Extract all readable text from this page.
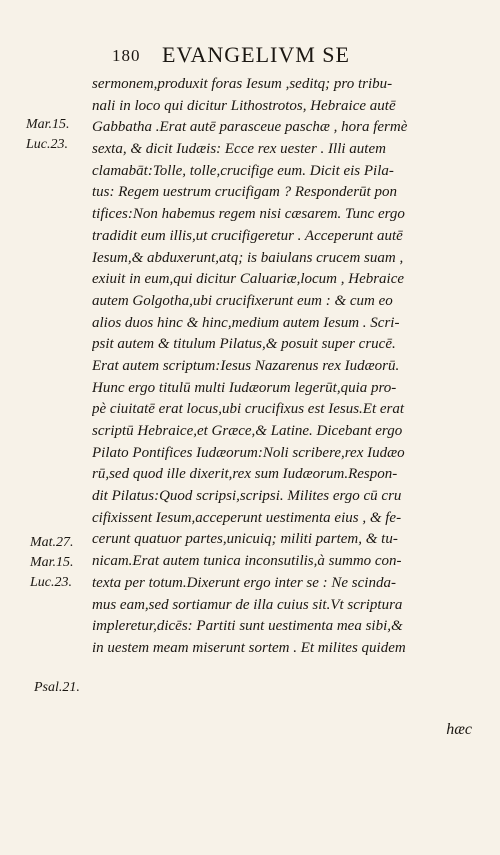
180 EVANGELIVM SE
Mar.15.
Luc.23.
Mat.27.
Mar.15.
Luc.23.
Psal.21.
sermonem,produxit foras Iesum ,seditq; pro tribu-
nali in loco qui dicitur Lithostrotos, Hebraice autē
Gabbatha .Erat autē parasceue paschæ , hora fermè
sexta, & dicit Iudæis: Ecce rex uester . Illi autem
clamabāt:Tolle, tolle,crucifige eum. Dicit eis Pila-
tus: Regem uestrum crucifigam ? Responderūt pon
tifices:Non habemus regem nisi cæsarem. Tunc ergo
tradidit eum illis,ut crucifigeretur . Acceperunt autē
Iesum,& abduxerunt,atq; is baiulans crucem suam ,
exiuit in eum,qui dicitur Caluariæ,locum , Hebraice
autem Golgotha,ubi crucifixerunt eum : & cum eo
alios duos hinc & hinc,medium autem Iesum . Scri-
psit autem & titulum Pilatus,& posuit super crucē.
Erat autem scriptum:Iesus Nazarenus rex Iudæorū.
Hunc ergo titulū multi Iudæorum legerūt,quia pro-
pè ciuitatē erat locus,ubi crucifixus est Iesus.Et erat
scriptū Hebraice,et Græce,& Latine. Dicebant ergo
Pilato Pontifices Iudæorum:Noli scribere,rex Iudæo
rū,sed quod ille dixerit,rex sum Iudæorum.Respon-
dit Pilatus:Quod scripsi,scripsi. Milites ergo cū cru
cifixissent Iesum,acceperunt uestimenta eius , & fe-
cerunt quatuor partes,unicuiq; militi partem, & tu-
nicam.Erat autem tunica inconsutilis,à summo con-
texta per totum.Dixerunt ergo inter se : Ne scinda-
mus eam,sed sortiamur de illa cuius sit.Vt scriptura
impleretur,dicēs: Partiti sunt uestimenta mea sibi,&
in uestem meam miserunt sortem . Et milites quidem
hæc
